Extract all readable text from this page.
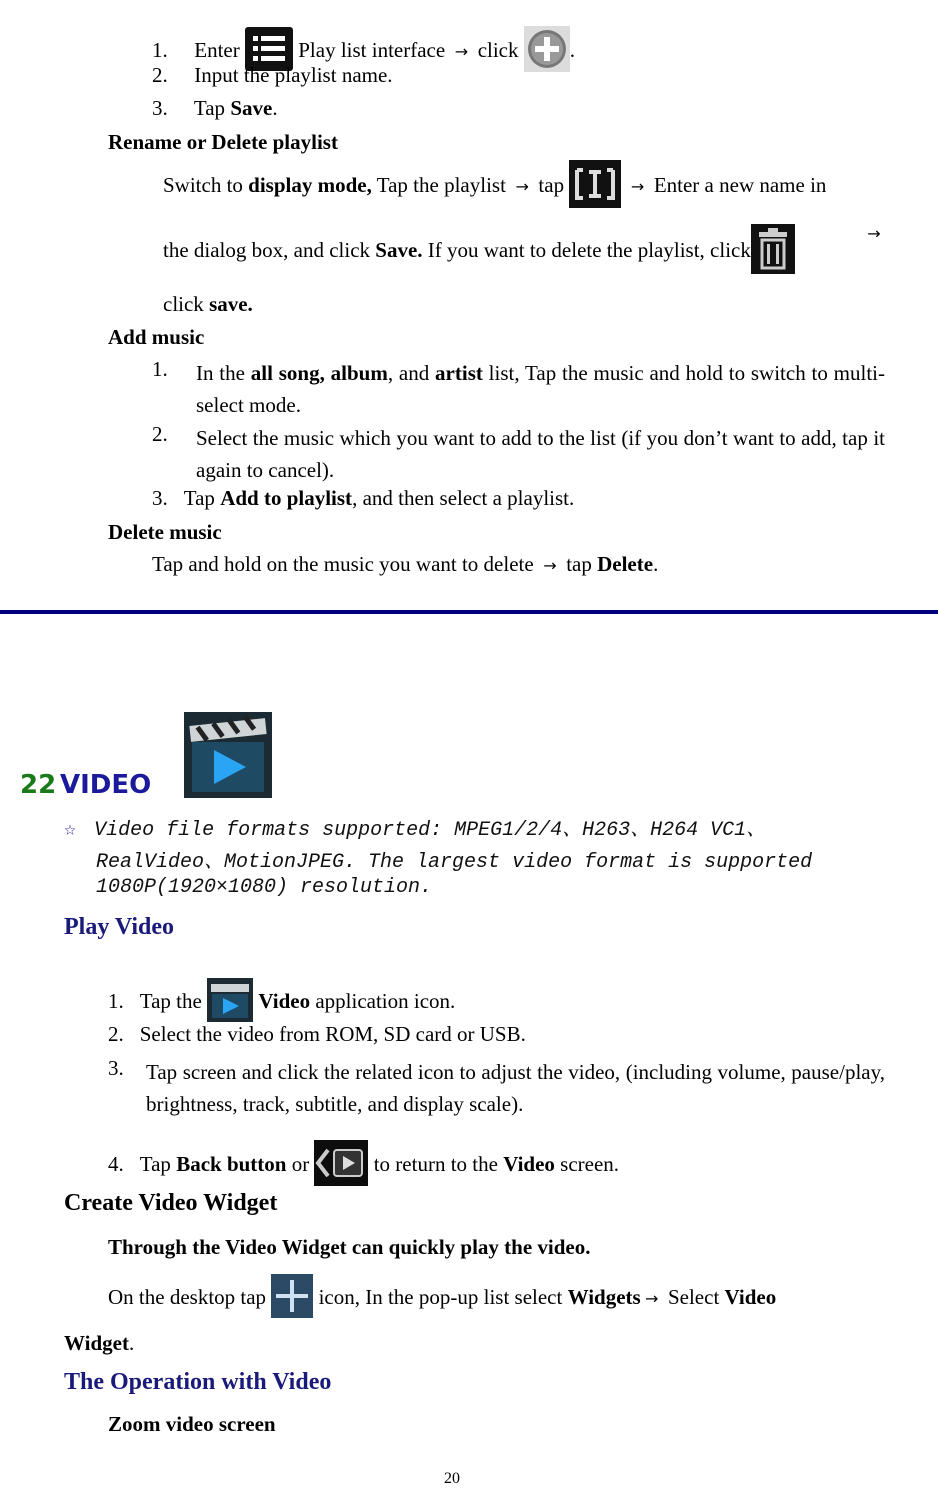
1. Enter	Play list interface → click .
2. Input the playlist name.
3. Tap Save.
Rename or Delete playlist
Switch to display mode, Tap the playlist → tap	→ Enter a new name in
the dialog box, and click Save. If you want to delete the playlist, click
→
click save.
Add music
1. In the all song, album, and artist list, Tap the music and hold to switch to multi-select mode.
2. Select the music which you want to add to the list (if you don’t want to add, tap it again to cancel).
3. Tap Add to playlist, and then select a playlist.
Delete music
Tap and hold on the music you want to delete → tap Delete.
22 VIDEO
☆ Video file formats supported: MPEG1/2/4、H263、H264 VC1、
RealVideo、MotionJPEG. The largest video format is supported
1080P(1920×1080) resolution.
Play Video
1. Tap the  Video application icon.
2. Select the video from ROM, SD card or USB.
3. Tap screen and click the related icon to adjust the video, (including volume, pause/play, brightness, track, subtitle, and display scale).
4. Tap Back button or	to return to the Video screen.
Create Video Widget
Through the Video Widget can quickly play the video.
On the desktop tap  icon, In the pop-up list select Widgets → Select Video
Widget.
The Operation with Video
Zoom video screen
20
